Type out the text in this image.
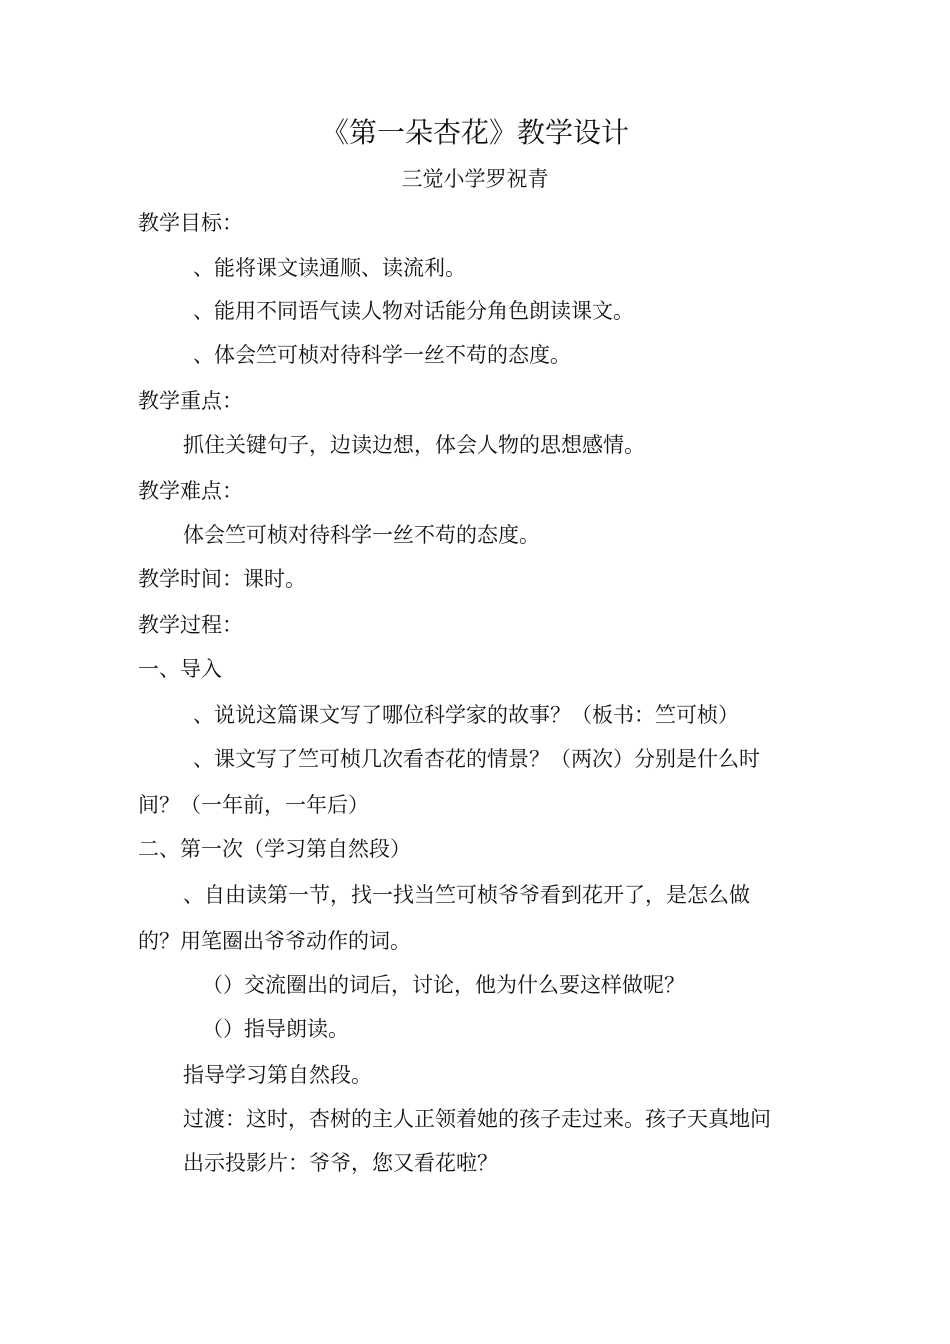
《第一朵杏花》教学设计
三觉小学罗祝青
教学目标：
、能将课文读通顺、读流利。
、能用不同语气读人物对话能分角色朗读课文。
、体会竺可桢对待科学一丝不苟的态度。
教学重点：
抓住关键句子，边读边想，体会人物的思想感情。
教学难点：
体会竺可桢对待科学一丝不苟的态度。
教学时间：课时。
教学过程：
一、导入
、说说这篇课文写了哪位科学家的故事？（板书：竺可桢）
、课文写了竺可桢几次看杏花的情景？（两次）分别是什么时
间？（一年前，一年后）
二、第一次（学习第自然段）
、自由读第一节，找一找当竺可桢爷爷看到花开了，是怎么做
的？用笔圈出爷爷动作的词。
（）交流圈出的词后，讨论，他为什么要这样做呢？
（）指导朗读。
指导学习第自然段。
过渡：这时，杏树的主人正领着她的孩子走过来。孩子天真地问
出示投影片：爷爷，您又看花啦？
